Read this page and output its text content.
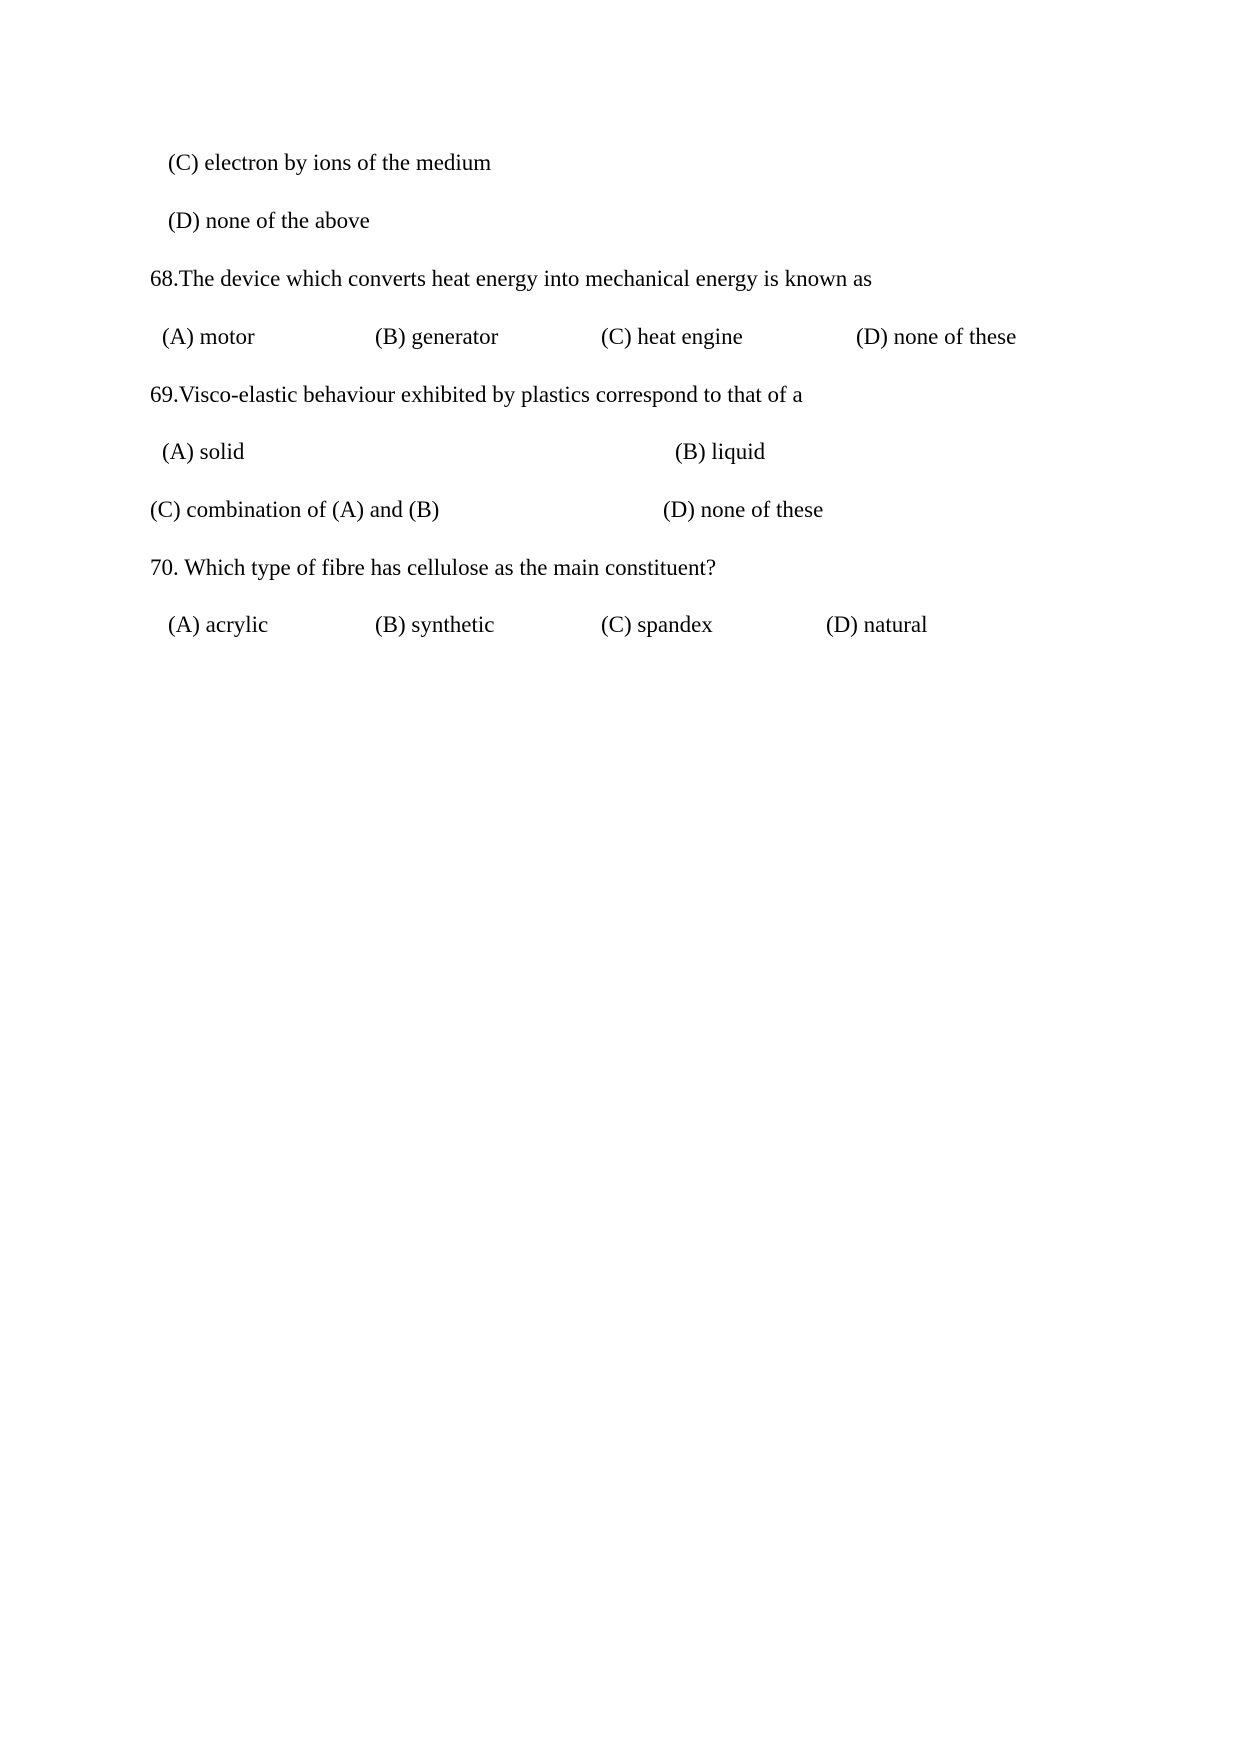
(C) electron by ions of the medium
(D) none of the above
68.The device which converts heat energy into mechanical energy is known as
(A) motor	(B) generator	(C) heat engine	(D) none of these
69.Visco-elastic behaviour exhibited by plastics correspond to that of a
(A) solid	(B) liquid
(C) combination of (A) and (B)	(D) none of these
70. Which type of fibre has cellulose as the main constituent?
(A) acrylic	(B) synthetic	(C) spandex	(D) natural
